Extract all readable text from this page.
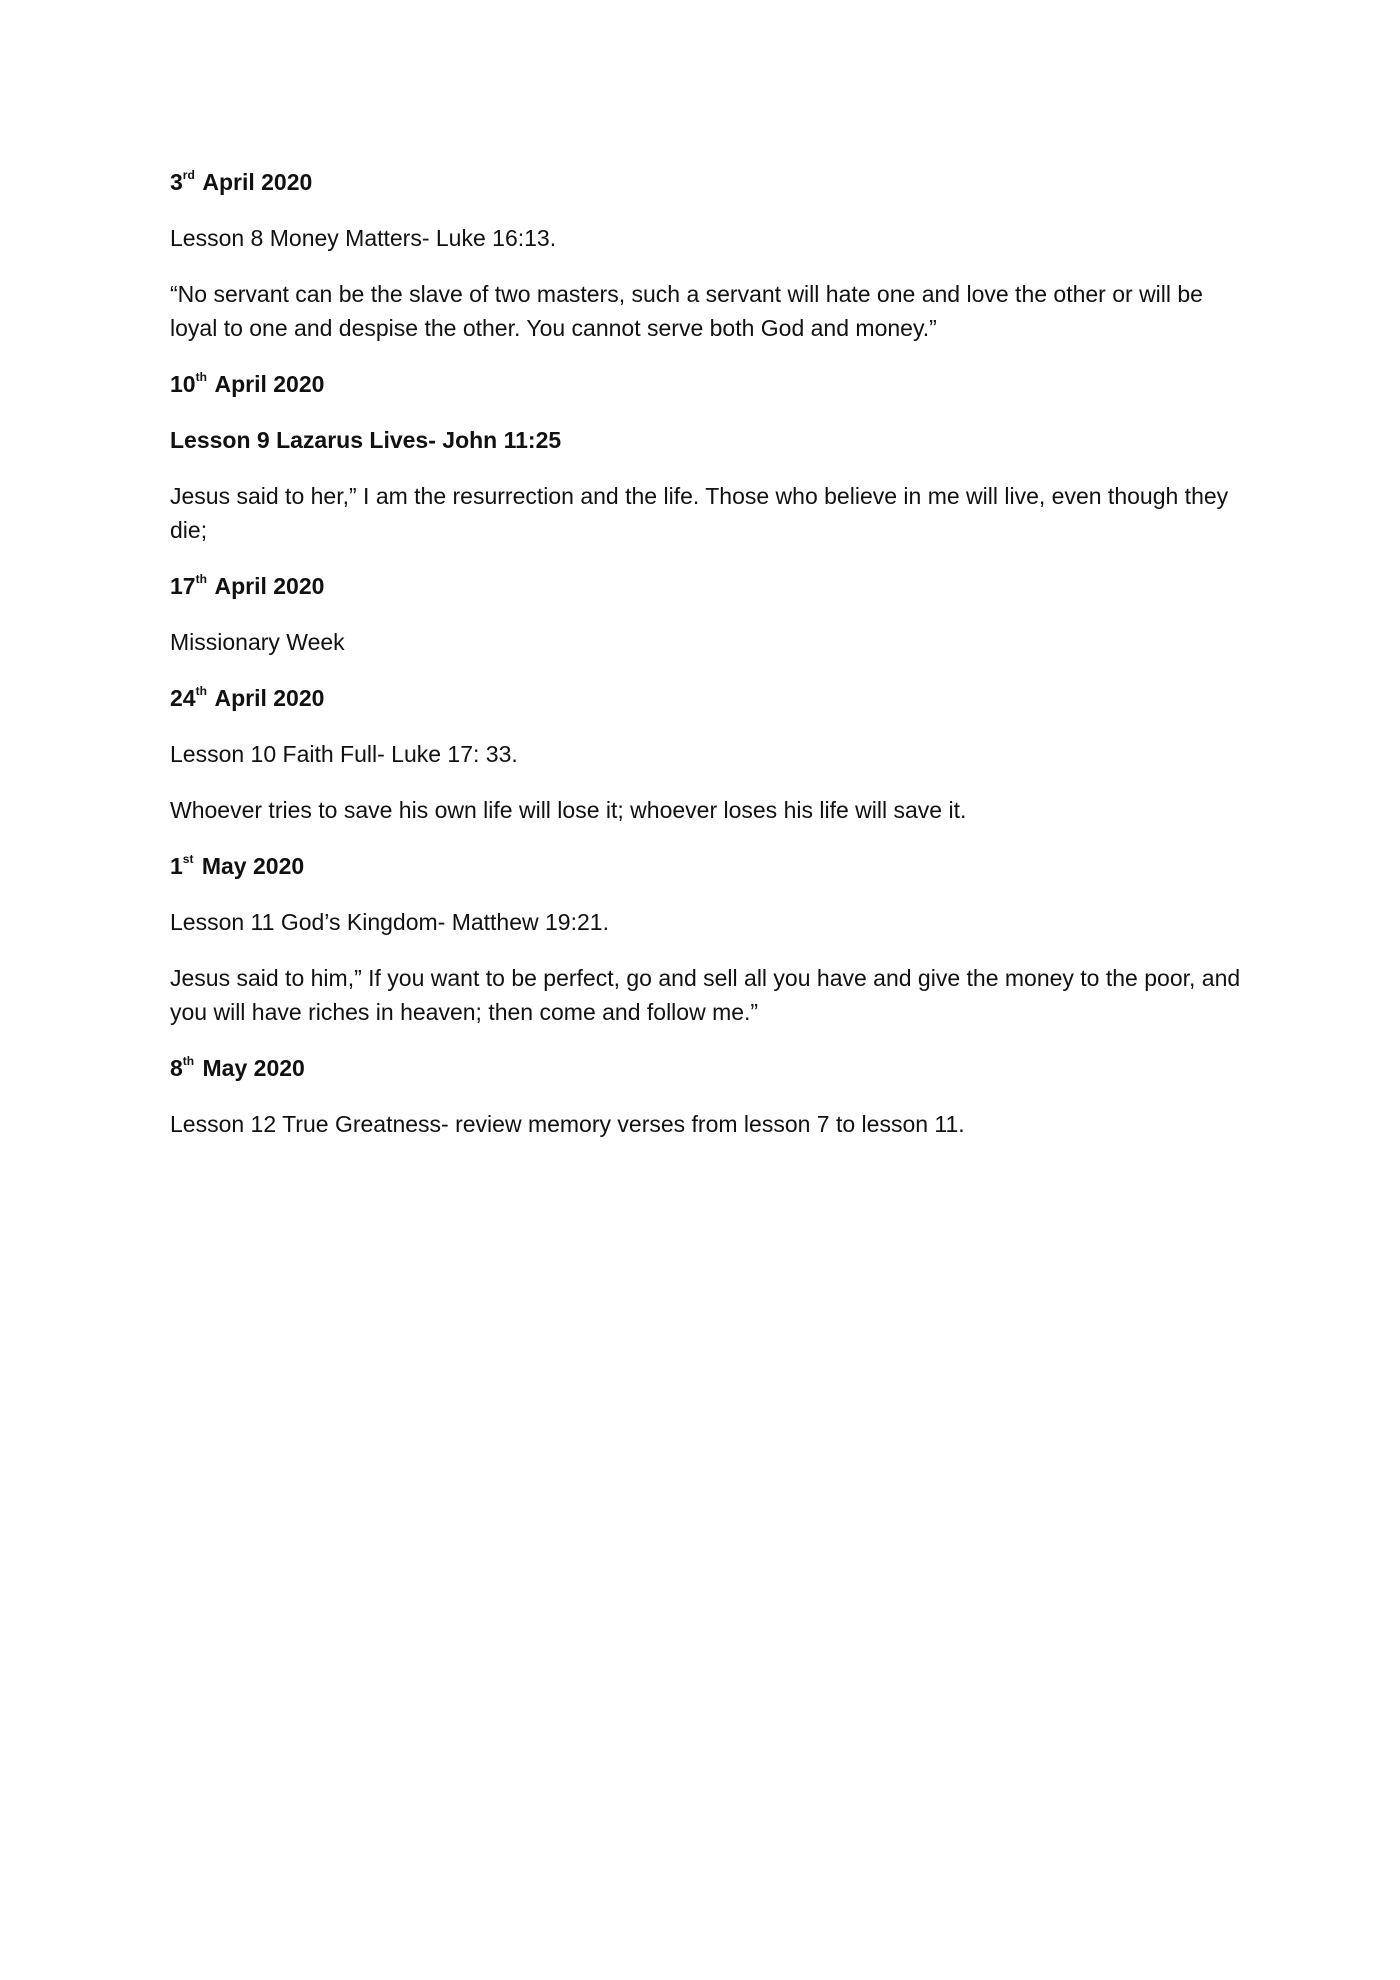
3rd April 2020

Lesson 8 Money Matters- Luke 16:13.

“No servant can be the slave of two masters, such a servant will hate one and love the other or will be loyal to one and despise the other. You cannot serve both God and money.”

10th April 2020

Lesson 9 Lazarus Lives- John 11:25

Jesus said to her,” I am the resurrection and the life. Those who believe in me will live, even though they die;

17th April 2020

Missionary Week

24th April 2020

Lesson 10 Faith Full- Luke 17: 33.

Whoever tries to save his own life will lose it; whoever loses his life will save it.

1st May 2020

Lesson 11 God’s Kingdom- Matthew 19:21.

Jesus said to him,” If you want to be perfect, go and sell all you have and give the money to the poor, and you will have riches in heaven; then come and follow me.”

8th May 2020

Lesson 12 True Greatness- review memory verses from lesson 7 to lesson 11.
